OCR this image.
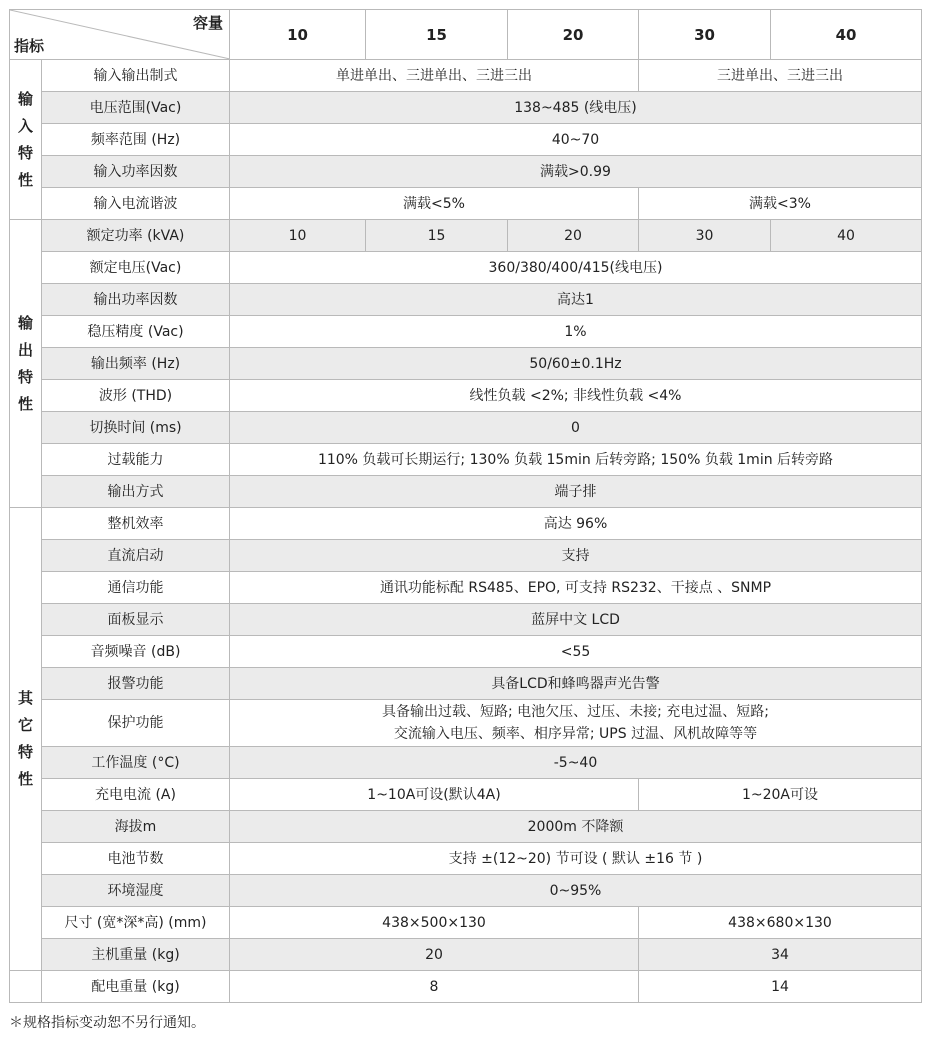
容量
指标		10	15	20	30	40

输
入
特
性	输入输出制式	单进单出、三进单出、三进三出			三进单出、三进三出	
	电压范围(Vac)	138~485 (线电压)				
	频率范围 (Hz)	40~70				
	输入功率因数	满载>0.99				
	输入电流谐波	满载<5%			满载<3%	

输
出
特
性	额定功率 (kVA)	10	15	20	30	40
	额定电压(Vac)	360/380/400/415(线电压)				
	输出功率因数	高达1				
	稳压精度 (Vac)	1%				
	输出频率 (Hz)	50/60±0.1Hz				
	波形 (THD)	线性负载 <2%; 非线性负载 <4%				
	切换时间 (ms)	0				
	过载能力	110% 负载可长期运行; 130% 负载 15min 后转旁路; 150% 负载 1min 后转旁路				
	输出方式	端子排				

其
它
特
性	整机效率	高达 96%				
	直流启动	支持				
	通信功能	通讯功能标配 RS485、EPO, 可支持 RS232、干接点 、SNMP				
	面板显示	蓝屏中文 LCD				
	音频噪音 (dB)	<55				
	报警功能	具备LCD和蜂鸣器声光告警				
	保护功能	具备输出过载、短路; 电池欠压、过压、未接; 充电过温、短路;
交流输入电压、频率、相序异常; UPS 过温、风机故障等等				

	工作温度 (°C)	-5~40				
	充电电流 (A)	1~10A可设(默认4A)			1~20A可设	
	海拔m	2000m 不降额				
	电池节数	支持 ±(12~20) 节可设 ( 默认 ±16 节 )				
	环境湿度	0~95%				
	尺寸 (宽*深*高) (mm)	438×500×130			438×680×130	
	主机重量 (kg)	20			34	
	配电重量 (kg)	8			14	
＊规格指标变动恕不另行通知。
